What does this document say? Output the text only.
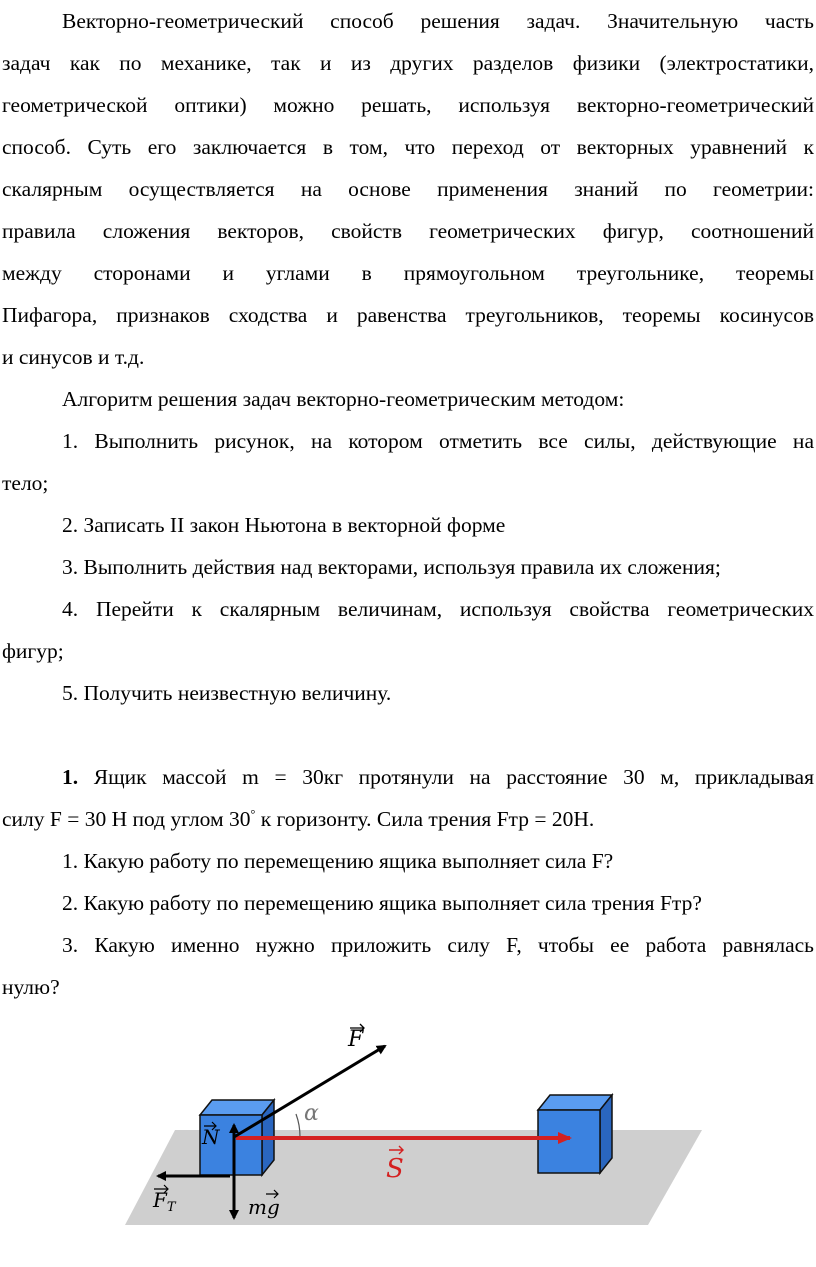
Векторно-геометрический способ решения задач. Значительную часть
задач как по механике, так и из других разделов физики (электростатики,
геометрической оптики) можно решать, используя векторно-геометрический
способ. Суть его заключается в том, что переход от векторных уравнений к
скалярным осуществляется на основе применения знаний по геометрии:
правила сложения векторов, свойств геометрических фигур, соотношений
между сторонами и углами в прямоугольном треугольнике, теоремы
Пифагора, признаков сходства и равенства треугольников, теоремы косинусов
и синусов и т.д.
Алгоритм решения задач векторно-геометрическим методом:
1. Выполнить рисунок, на котором отметить все силы, действующие на
тело;
2. Записать II закон Ньютона в векторной форме
3. Выполнить действия над векторами, используя правила их сложения;
4. Перейти к скалярным величинам, используя свойства геометрических
фигур;
5. Получить неизвестную величину.
1. Ящик массой m = 30кг протянули на расстояние 30 м, прикладывая
силу F = 30 Н под углом 30° к горизонту. Сила трения Fтр = 20Н.
1. Какую работу по перемещению ящика выполняет сила F?
2. Какую работу по перемещению ящика выполняет сила трения Fтр?
3. Какую именно нужно приложить силу F, чтобы ее работа равнялась
нулю?
F
α
N
S
$F_T$	mg
